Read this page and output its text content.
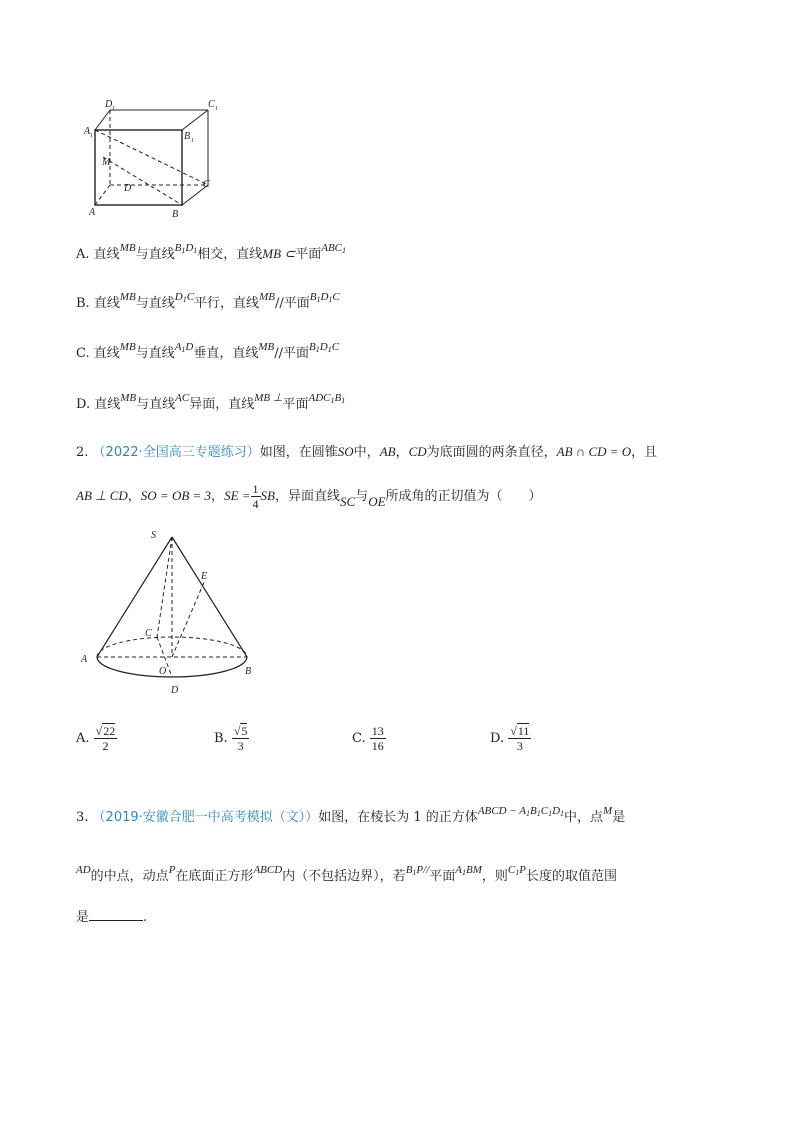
D 1	C 1
A 1	B 1
M
D	C
A	B
A. 直线$^{MB}$与直线$^{B_1D_1}$相交，直线MB ⊂平面$^{ABC_1}$
B. 直线$^{MB}$与直线$^{D_1C}$平行，直线$^{MB}$//平面$^{B_1D_1C}$
C. 直线$^{MB}$与直线$^{A_1D}$垂直，直线$^{MB}$//平面$^{B_1D_1C}$
D. 直线$^{MB}$与直线$^{AC}$异面，直线$^{MB \perp}$平面$^{ADC_1B_1}$
2. （2022·全国高三专题练习）如图，在圆锥SO中，AB，CD为底面圆的两条直径，AB ∩ CD = O，且
AB ⊥ CD，SO = OB = 3，SE = $\frac{1}{4}$ SB，异面直线SC与OE所成角的正切值为（　　）
S
E
C
A
O	B
D
A. $\frac{√22}{2}$	B. $\frac{√5}{3}$	C. $\frac{13}{16}$	D. $\frac{√11}{3}$
3. （2019·安徽合肥一中高考模拟（文））如图，在棱长为 1 的正方体$^{ABCD - A_1B_1C_1D_1}$中，点$^M$是
$^{AD}$的中点，动点$^P$在底面正方形$^{ABCD}$内（不包括边界），若$^{B_1P//}$平面$^{A_1BM}$，则$^{C_1P}$长度的取值范围
是	.
